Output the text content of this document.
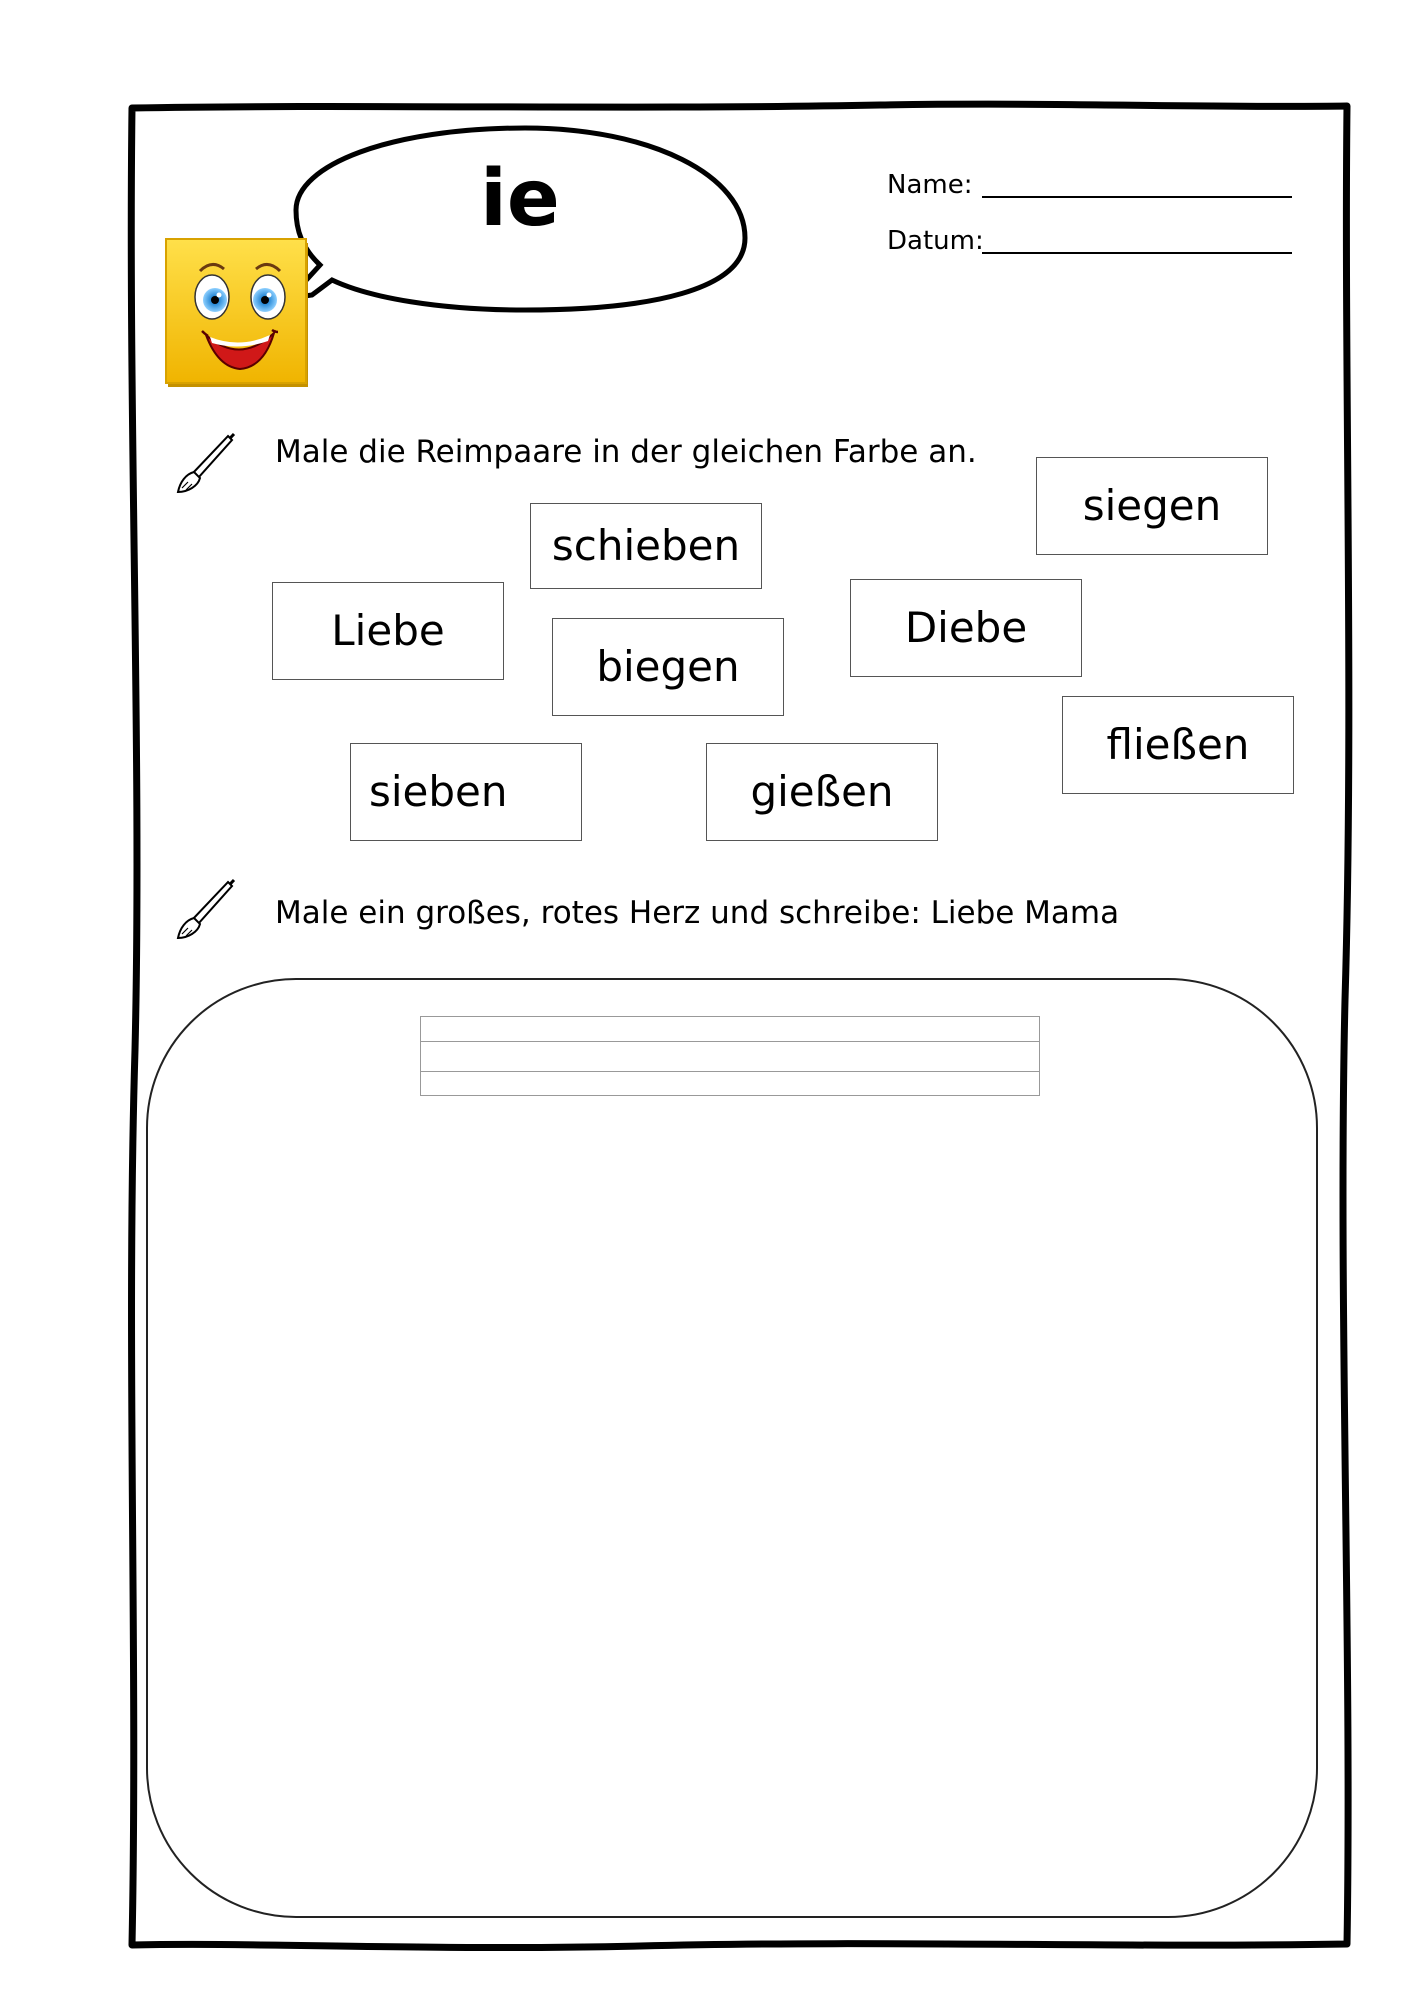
ie	Name:
Datum:
Male die Reimpaare in der gleichen Farbe an.
siegen
schieben
Liebe	Diebe
biegen
fließen
sieben	gießen
Male ein großes, rotes Herz und schreibe: Liebe Mama
